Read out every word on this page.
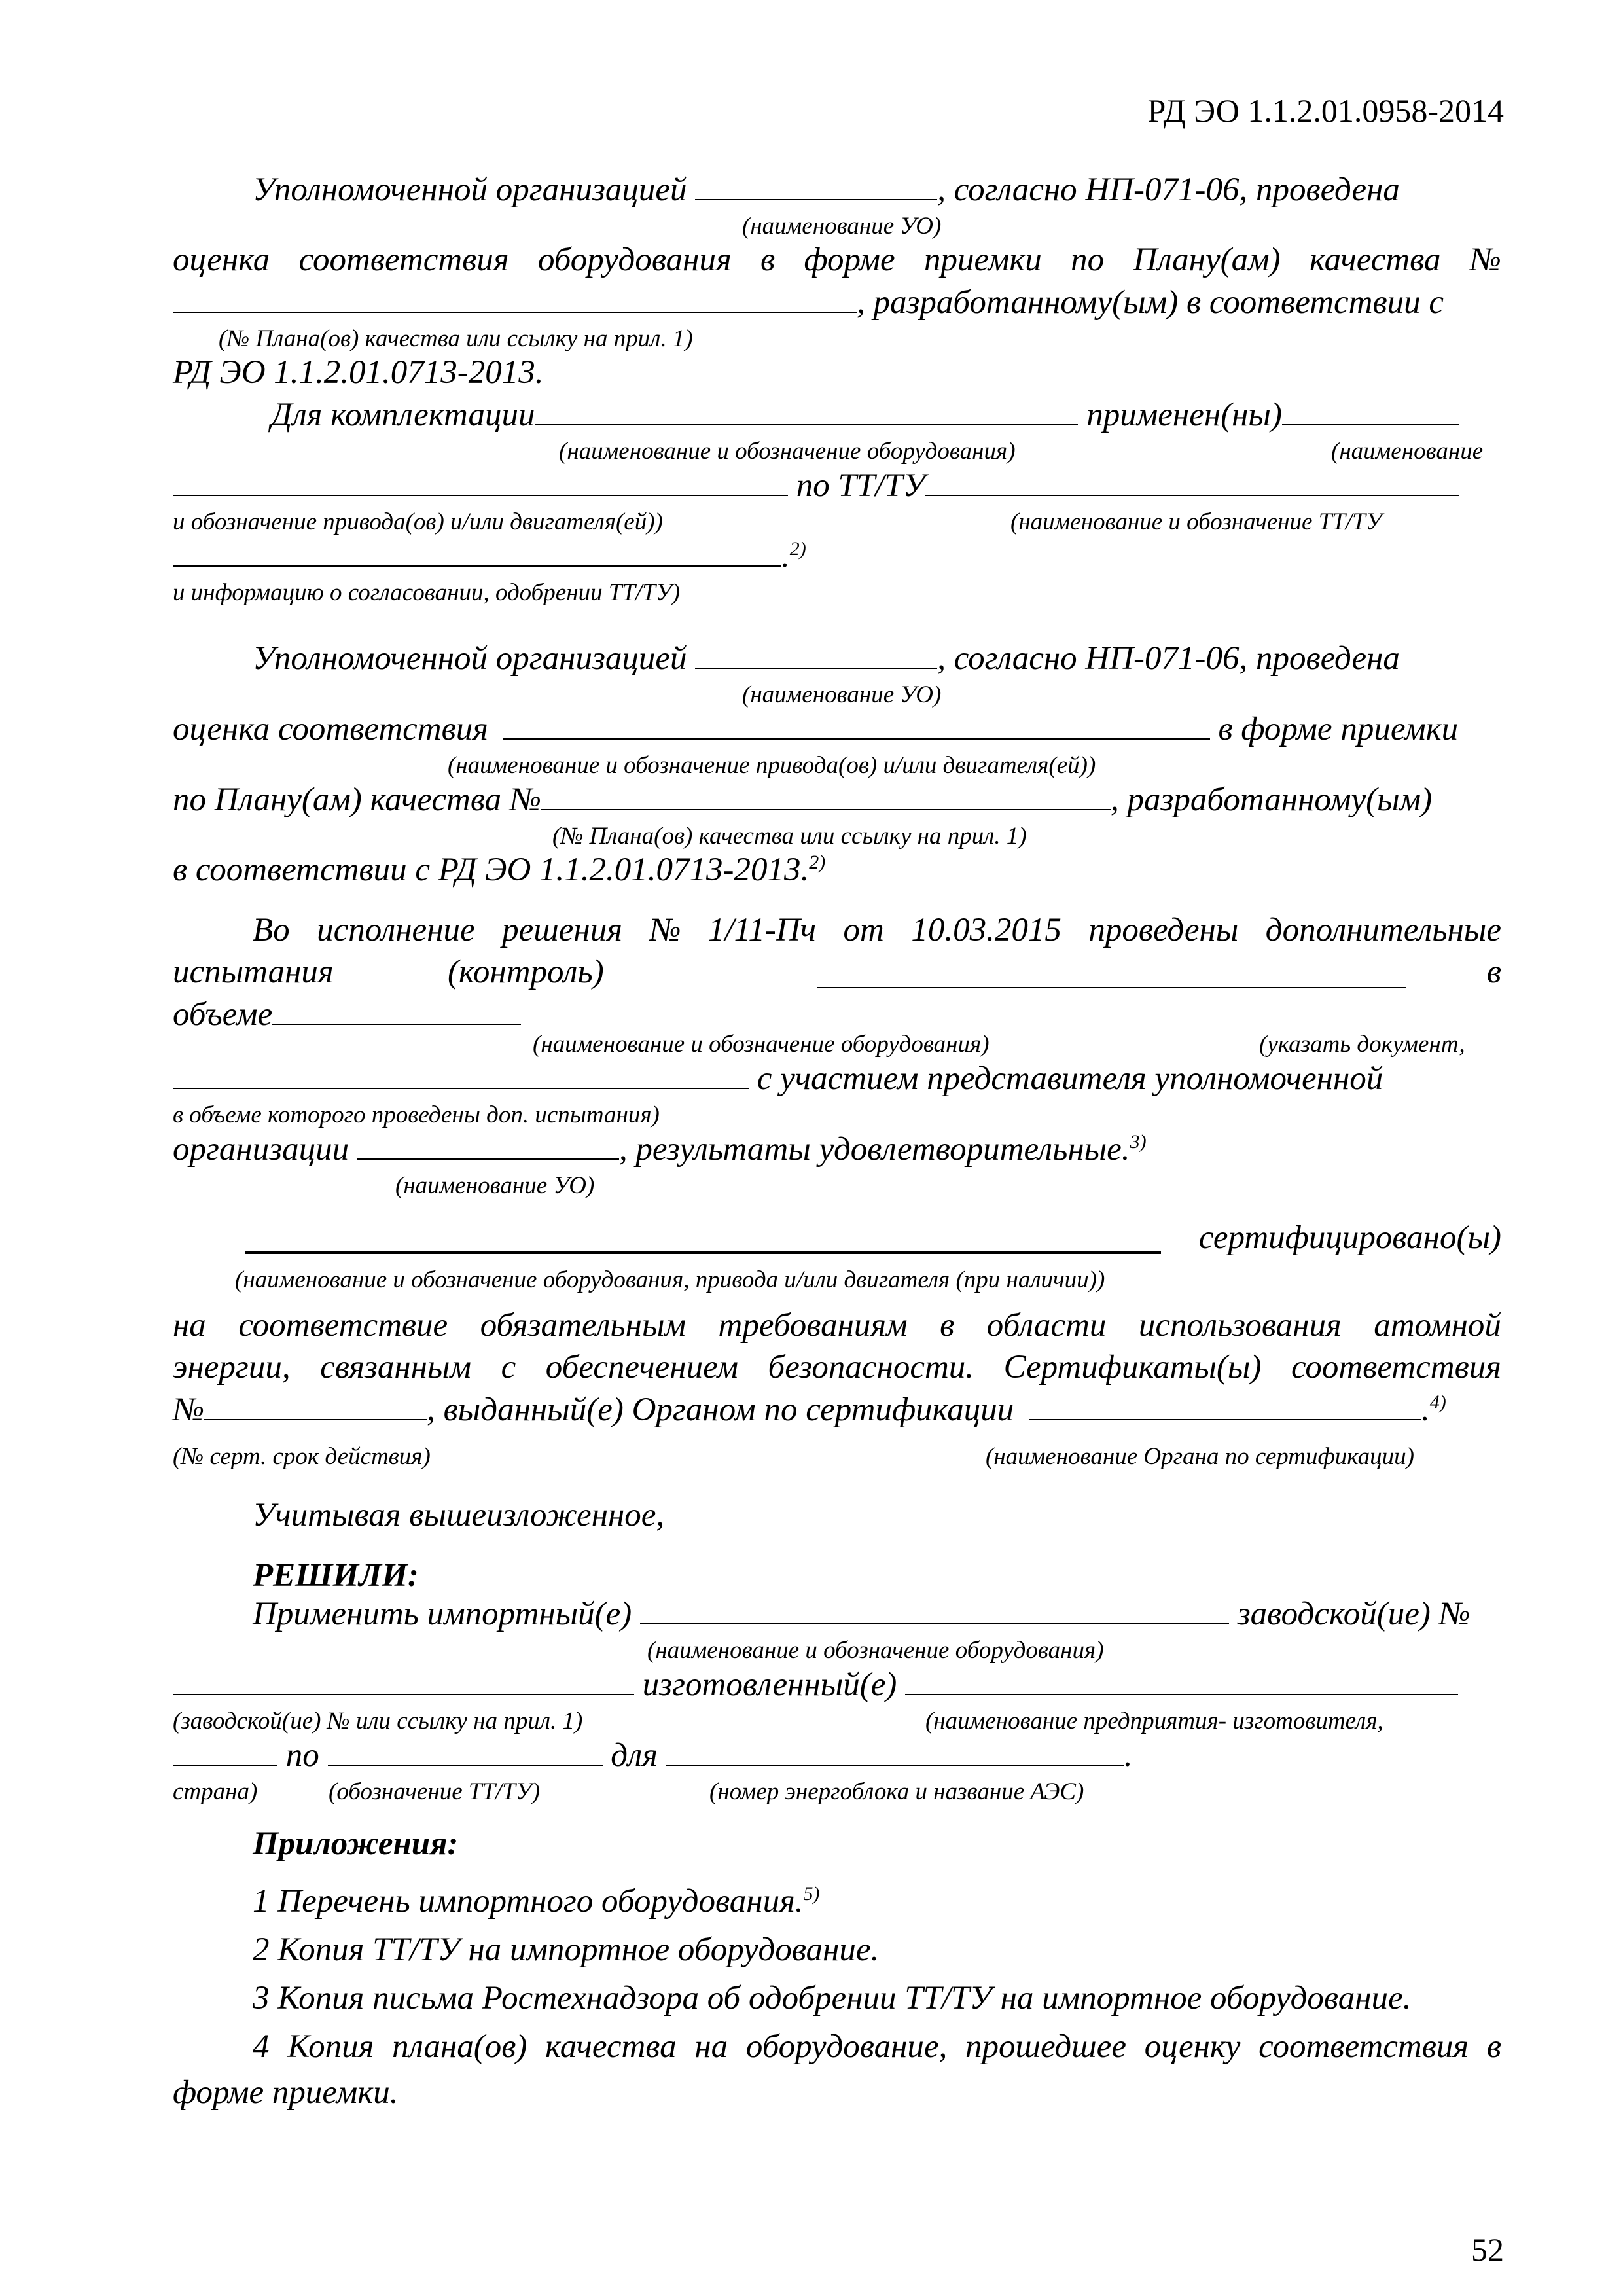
РД ЭО 1.1.2.01.0958-2014
Уполномоченной организацией	, согласно НП-071-06, проведена
(наименование УО)
оценка соответствия оборудования в форме приемки по Плану(ам) качества №
, разработанному(ым) в соответствии с
(№ Плана(ов) качества или ссылку на прил. 1)
РД ЭО 1.1.2.01.0713-2013.
Для комплектации	применен(ны)
(наименование и обозначение оборудования)	(наименование
по ТТ/ТУ
и обозначение привода(ов) и/или двигателя(ей))	(наименование и обозначение ТТ/ТУ
.$^{2)}$
и информацию о согласовании, одобрении ТТ/ТУ)
Уполномоченной организацией	, согласно НП-071-06, проведена
(наименование УО)
оценка соответствия	в форме приемки
(наименование и обозначение привода(ов) и/или двигателя(ей))
по Плану(ам) качества №	, разработанному(ым)
(№ Плана(ов) качества или ссылку на прил. 1)
в соответствии с РД ЭО 1.1.2.01.0713-2013.$^{2)}$
Во исполнение решения № 1/11-Пч от 10.03.2015 проведены дополнительные
испытания	(контроль)	в
объеме
(наименование и обозначение оборудования)	(указать документ,
с участием представителя уполномоченной
в объеме которого проведены доп. испытания)
организации	, результаты удовлетворительные.$^{3)}$
(наименование УО)
сертифицировано(ы)
(наименование и обозначение оборудования, привода и/или двигателя (при наличии))
на соответствие обязательным требованиям в области использования атомной
энергии, связанным с обеспечением безопасности. Сертификаты(ы) соответствия
№	, выданный(е) Органом по сертификации	.$^{4)}$
(№ серт. срок действия)	(наименование Органа по сертификации)
Учитывая вышеизложенное,
РЕШИЛИ:
Применить импортный(е)	заводской(ие) №
(наименование и обозначение оборудования)
изготовленный(е)
(заводской(ие) № или ссылку на прил. 1)	(наименование предприятия- изготовителя,
по	для	.
страна)	(обозначение ТТ/ТУ)	(номер энергоблока и название АЭС)
Приложения:
1 Перечень импортного оборудования.$^{5)}$
2 Копия ТТ/ТУ на импортное оборудование.
3 Копия письма Ростехнадзора об одобрении ТТ/ТУ на импортное оборудование.
4 Копия плана(ов) качества на оборудование, прошедшее оценку соответствия в
форме приемки.
52
